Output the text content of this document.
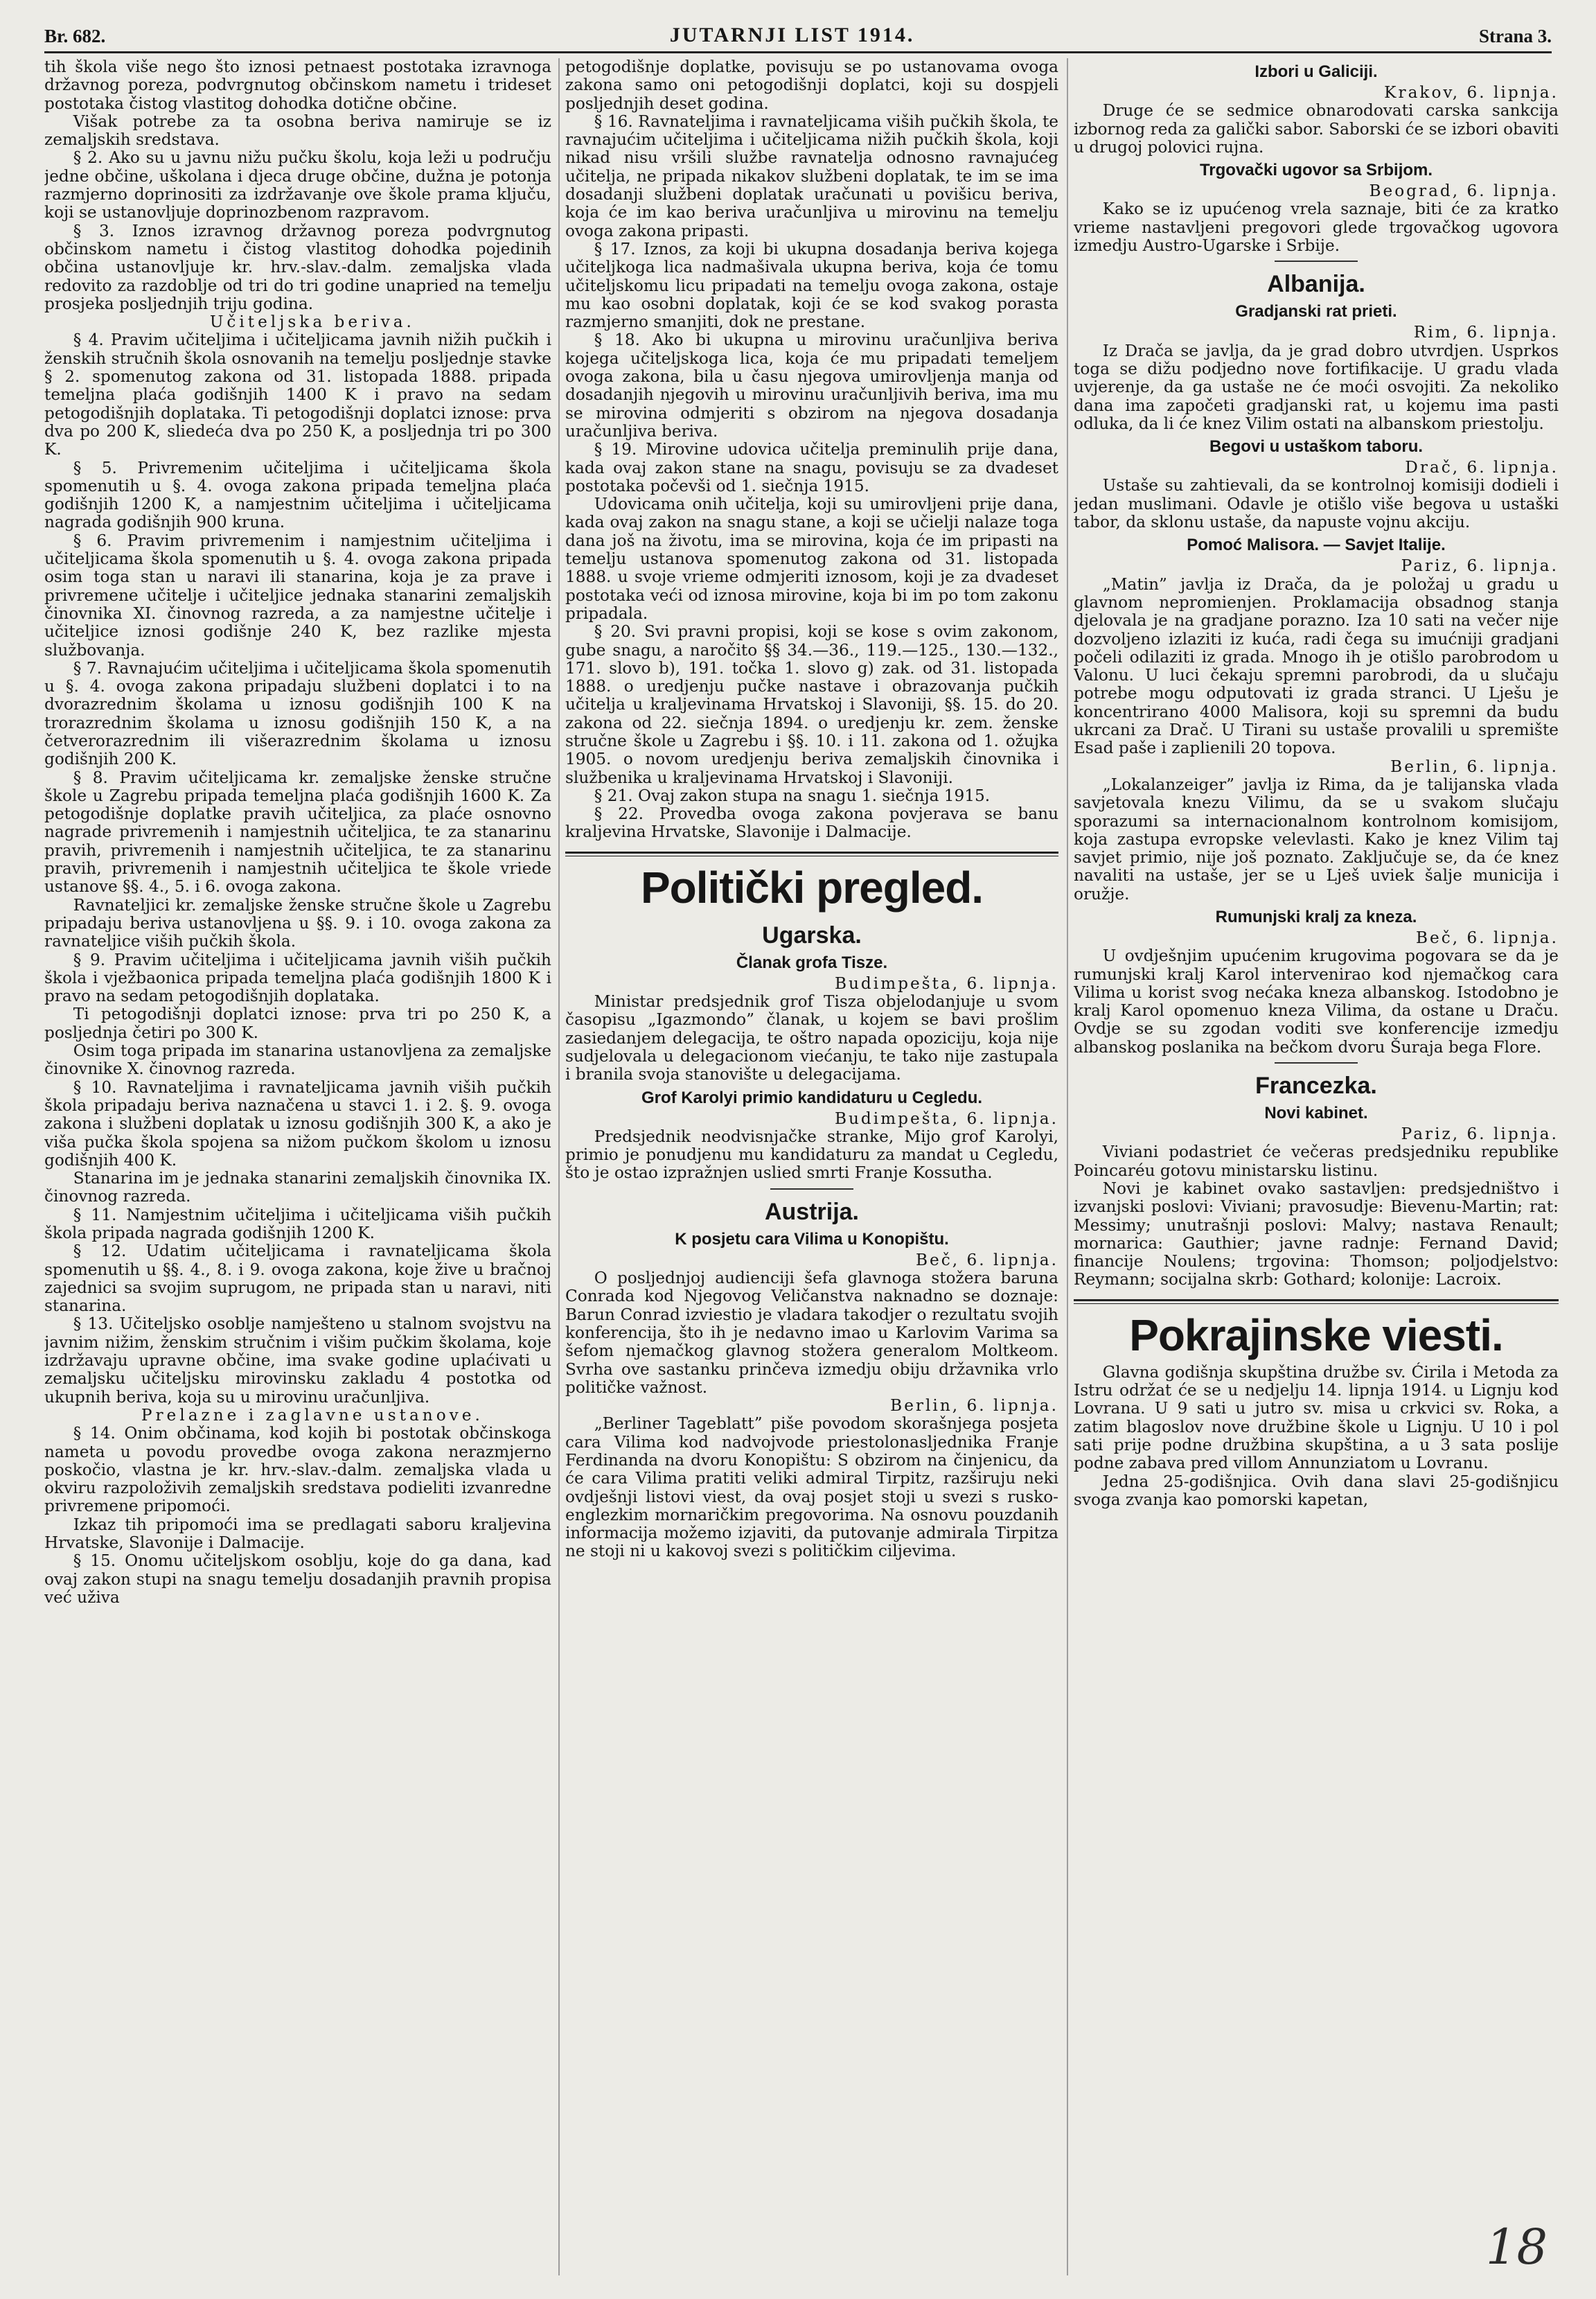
Br. 682.	JUTARNJI LIST 1914.	Strana 3.

tih škola više nego što iznosi petnaest postotaka izravnoga državnog poreza, podvrgnutog občinskom nametu i trideset postotaka čistog vlastitog dohodka dotične občine.

Višak potrebe za ta osobna beriva namiruje se iz zemaljskih sredstava.

§ 2. Ako su u javnu nižu pučku školu, koja leži u području jedne občine, uškolana i djeca druge občine, dužna je potonja razmjerno doprinositi za izdržavanje ove škole prama ključu, koji se ustanovljuje doprinozbenom razpravom.

§ 3. Iznos izravnog državnog poreza podvrgnutog občinskom nametu i čistog vlastitog dohodka pojedinih občina ustanovljuje kr. hrv.-slav.-dalm. zemaljska vlada redovito za razdoblje od tri do tri godine unapried na temelju prosjeka posljednjih triju godina.

Učiteljska beriva.

§ 4. Pravim učiteljima i učiteljicama javnih nižih pučkih i ženskih stručnih škola osnovanih na temelju posljednje stavke § 2. spomenutog zakona od 31. listopada 1888. pripada temeljna plaća godišnjih 1400 K i pravo na sedam petogodišnjih doplataka. Ti petogodišnji doplatci iznose: prva dva po 200 K, sliedeća dva po 250 K, a posljednja tri po 300 K.

§ 5. Privremenim učiteljima i učiteljicama škola spomenutih u §. 4. ovoga zakona pripada temeljna plaća godišnjih 1200 K, a namjestnim učiteljima i učiteljicama nagrada godišnjih 900 kruna.

§ 6. Pravim privremenim i namjestnim učiteljima i učiteljicama škola spomenutih u §. 4. ovoga zakona pripada osim toga stan u naravi ili stanarina, koja je za prave i privremene učitelje i učiteljice jednaka stanarini zemaljskih činovnika XI. činovnog razreda, a za namjestne učitelje i učiteljice iznosi godišnje 240 K, bez razlike mjesta službovanja.

§ 7. Ravnajućim učiteljima i učiteljicama škola spomenutih u §. 4. ovoga zakona pripadaju službeni doplatci i to na dvorazrednim školama u iznosu godišnjih 100 K na trorazrednim školama u iznosu godišnjih 150 K, a na četverorazrednim ili višerazrednim školama u iznosu godišnjih 200 K.

§ 8. Pravim učiteljicama kr. zemaljske ženske stručne škole u Zagrebu pripada temeljna plaća godišnjih 1600 K. Za petogodišnje doplatke pravih učiteljica, za plaće osnovno nagrade privremenih i namjestnih učiteljica, te za stanarinu pravih, privremenih i namjestnih učiteljica, te za stanarinu pravih, privremenih i namjestnih učiteljica te škole vriede ustanove §§. 4., 5. i 6. ovoga zakona.

Ravnateljici kr. zemaljske ženske stručne škole u Zagrebu pripadaju beriva ustanovljena u §§. 9. i 10. ovoga zakona za ravnateljice viših pučkih škola.

§ 9. Pravim učiteljima i učiteljicama javnih viših pučkih škola i vježbaonica pripada temeljna plaća godišnjih 1800 K i pravo na sedam petogodišnjih doplataka.

Ti petogodišnji doplatci iznose: prva tri po 250 K, a posljednja četiri po 300 K.

Osim toga pripada im stanarina ustanovljena za zemaljske činovnike X. činovnog razreda.

§ 10. Ravnateljima i ravnateljicama javnih viših pučkih škola pripadaju beriva naznačena u stavci 1. i 2. §. 9. ovoga zakona i službeni doplatak u iznosu godišnjih 300 K, a ako je viša pučka škola spojena sa nižom pučkom školom u iznosu godišnjih 400 K.

Stanarina im je jednaka stanarini zemaljskih činovnika IX. činovnog razreda.

§ 11. Namjestnim učiteljima i učiteljicama viših pučkih škola pripada nagrada godišnjih 1200 K.

§ 12. Udatim učiteljicama i ravnateljicama škola spomenutih u §§. 4., 8. i 9. ovoga zakona, koje žive u bračnoj zajednici sa svojim suprugom, ne pripada stan u naravi, niti stanarina.

§ 13. Učiteljsko osoblje namješteno u stalnom svojstvu na javnim nižim, ženskim stručnim i višim pučkim školama, koje izdržavaju upravne občine, ima svake godine uplaćivati u zemaljsku učiteljsku mirovinsku zakladu 4 postotka od ukupnih beriva, koja su u mirovinu uračunljiva.

Prelazne i zaglavne ustanove.

§ 14. Onim občinama, kod kojih bi postotak občinskoga nameta u povodu provedbe ovoga zakona nerazmjerno poskočio, vlastna je kr. hrv.-slav.-dalm. zemaljska vlada u okviru razpoloživih zemaljskih sredstava podieliti izvanredne privremene pripomoći.

Izkaz tih pripomoći ima se predlagati saboru kraljevina Hrvatske, Slavonije i Dalmacije.

§ 15. Onomu učiteljskom osoblju, koje do ga dana, kad ovaj zakon stupi na snagu temelju dosadanjih pravnih propisa već uživa

petogodišnje doplatke, povisuju se po ustanovama ovoga zakona samo oni petogodišnji doplatci, koji su dospjeli posljednjih deset godina.

§ 16. Ravnateljima i ravnateljicama viših pučkih škola, te ravnajućim učiteljima i učiteljicama nižih pučkih škola, koji nikad nisu vršili službe ravnatelja odnosno ravnajućeg učitelja, ne pripada nikakov službeni doplatak, te im se ima dosadanji službeni doplatak uračunati u povišicu beriva, koja će im kao beriva uračunljiva u mirovinu na temelju ovoga zakona pripasti.

§ 17. Iznos, za koji bi ukupna dosadanja beriva kojega učiteljkoga lica nadmašivala ukupna beriva, koja će tomu učiteljskomu licu pripadati na temelju ovoga zakona, ostaje mu kao osobni doplatak, koji će se kod svakog porasta razmjerno smanjiti, dok ne prestane.

§ 18. Ako bi ukupna u mirovinu uračunljiva beriva kojega učiteljskoga lica, koja će mu pripadati temeljem ovoga zakona, bila u času njegova umirovljenja manja od dosadanjih njegovih u mirovinu uračunljivih beriva, ima mu se mirovina odmjeriti s obzirom na njegova dosadanja uračunljiva beriva.

§ 19. Mirovine udovica učitelja preminulih prije dana, kada ovaj zakon stane na snagu, povisuju se za dvadeset postotaka počevši od 1. siečnja 1915.

Udovicama onih učitelja, koji su umirovljeni prije dana, kada ovaj zakon na snagu stane, a koji se učielji nalaze toga dana još na životu, ima se mirovina, koja će im pripasti na temelju ustanova spomenutog zakona od 31. listopada 1888. u svoje vrieme odmjeriti iznosom, koji je za dvadeset postotaka veći od iznosa mirovine, koja bi im po tom zakonu pripadala.

§ 20. Svi pravni propisi, koji se kose s ovim zakonom, gube snagu, a naročito §§ 34.—36., 119.—125., 130.—132., 171. slovo b), 191. točka 1. slovo g) zak. od 31. listopada 1888. o uredjenju pučke nastave i obrazovanja pučkih učitelja u kraljevinama Hrvatskoj i Slavoniji, §§. 15. do 20. zakona od 22. siečnja 1894. o uredjenju kr. zem. ženske stručne škole u Zagrebu i §§. 10. i 11. zakona od 1. ožujka 1905. o novom uredjenju beriva zemaljskih činovnika i službenika u kraljevinama Hrvatskoj i Slavoniji.

§ 21. Ovaj zakon stupa na snagu 1. siečnja 1915.

§ 22. Provedba ovoga zakona povjerava se banu kraljevina Hrvatske, Slavonije i Dalmacije.

Politički pregled.
Ugarska.
Članak grofa Tisze.

Budimpešta, 6. lipnja.

Ministar predsjednik grof Tisza objelodanjuje u svom časopisu „Igazmondo” članak, u kojem se bavi prošlim zasiedanjem delegacija, te oštro napada opoziciju, koja nije sudjelovala u delegacionom viećanju, te tako nije zastupala i branila svoja stanovište u delegacijama.

Grof Karolyi primio kandidaturu u Cegledu.

Budimpešta, 6. lipnja.

Predsjednik neodvisnjačke stranke, Mijo grof Karolyi, primio je ponudjenu mu kandidaturu za mandat u Cegledu, što je ostao izpražnjen uslied smrti Franje Kossutha.

Austrija.
K posjetu cara Vilima u Konopištu.

Beč, 6. lipnja.

O posljednjoj audienciji šefa glavnoga stožera baruna Conrada kod Njegovog Veličanstva naknadno se doznaje: Barun Conrad izviestio je vladara takodjer o rezultatu svojih konferencija, što ih je nedavno imao u Karlovim Varima sa šefom njemačkog glavnog stožera generalom Moltkeom. Svrha ove sastanku prinčeva izmedju obiju državnika vrlo političke važnost.

Berlin, 6. lipnja.

„Berliner Tageblatt” piše povodom skorašnjega posjeta cara Vilima kod nadvojvode priestolonasljednika Franje Ferdinanda na dvoru Konopištu: S obzirom na činjenicu, da će cara Vilima pratiti veliki admiral Tirpitz, razširuju neki ovdješnji listovi viest, da ovaj posjet stoji u svezi s rusko-englezkim mornaričkim pregovorima. Na osnovu pouzdanih informacija možemo izjaviti, da putovanje admirala Tirpitza ne stoji ni u kakovoj svezi s političkim ciljevima.

Izbori u Galiciji.

Krakov, 6. lipnja.

Druge će se sedmice obnarodovati carska sankcija izbornog reda za galički sabor. Saborski će se izbori obaviti u drugoj polovici rujna.

Trgovački ugovor sa Srbijom.

Beograd, 6. lipnja.

Kako se iz upućenog vrela saznaje, biti će za kratko vrieme nastavljeni pregovori glede trgovačkog ugovora izmedju Austro-Ugarske i Srbije.

Albanija.
Gradjanski rat prieti.

Rim, 6. lipnja.

Iz Drača se javlja, da je grad dobro utvrdjen. Usprkos toga se dižu podjedno nove fortifikacije. U gradu vlada uvjerenje, da ga ustaše ne će moći osvojiti. Za nekoliko dana ima započeti gradjanski rat, u kojemu ima pasti odluka, da li će knez Vilim ostati na albanskom priestolju.

Begovi u ustaškom taboru.

Drač, 6. lipnja.

Ustaše su zahtievali, da se kontrolnoj komisiji dodieli i jedan muslimani. Odavle je otišlo više begova u ustaški tabor, da sklonu ustaše, da napuste vojnu akciju.

Pomoć Malisora. — Savjet Italije.

Pariz, 6. lipnja.

„Matin” javlja iz Drača, da je položaj u gradu u glavnom nepromienjen. Proklamacija obsadnog stanja djelovala je na gradjane porazno. Iza 10 sati na večer nije dozvoljeno izlaziti iz kuća, radi čega su imućniji gradjani počeli odilaziti iz grada. Mnogo ih je otišlo parobrodom u Valonu. U luci čekaju spremni parobrodi, da u slučaju potrebe mogu odputovati iz grada stranci. U Lješu je koncentrirano 4000 Malisora, koji su spremni da budu ukrcani za Drač. U Tirani su ustaše provalili u spremište Esad paše i zaplienili 20 topova.

Berlin, 6. lipnja.

„Lokalanzeiger” javlja iz Rima, da je talijanska vlada savjetovala knezu Vilimu, da se u svakom slučaju sporazumi sa internacionalnom kontrolnom komisijom, koja zastupa evropske velevlasti. Kako je knez Vilim taj savjet primio, nije još poznato. Zaključuje se, da će knez navaliti na ustaše, jer se u Lješ uviek šalje municija i oružje.

Rumunjski kralj za kneza.

Beč, 6. lipnja.

U ovdješnjim upućenim krugovima pogovara se da je rumunjski kralj Karol intervenirao kod njemačkog cara Vilima u korist svog nećaka kneza albanskog. Istodobno je kralj Karol opomenuo kneza Vilima, da ostane u Draču. Ovdje se su zgodan voditi sve konferencije izmedju albanskog poslanika na bečkom dvoru Šuraja bega Flore.

Francezka.
Novi kabinet.

Pariz, 6. lipnja.

Viviani podastriet će večeras predsjedniku republike Poincaréu gotovu ministarsku listinu.

Novi je kabinet ovako sastavljen: predsjedništvo i izvanjski poslovi: Viviani; pravosudje: Bievenu-Martin; rat: Messimy; unutrašnji poslovi: Malvy; nastava Renault; mornarica: Gauthier; javne radnje: Fernand David; financije Noulens; trgovina: Thomson; poljodjelstvo: Reymann; socijalna skrb: Gothard; kolonije: Lacroix.

Pokrajinske viesti.

Glavna godišnja skupština družbe sv. Ćirila i Metoda za Istru održat će se u nedjelju 14. lipnja 1914. u Lignju kod Lovrana. U 9 sati u jutro sv. misa u crkvici sv. Roka, a zatim blagoslov nove družbine škole u Lignju. U 10 i pol sati prije podne družbina skupština, a u 3 sata poslije podne zabava pred villom Annunziatom u Lovranu.

Jedna 25-godišnjica. Ovih dana slavi 25-godišnjicu svoga zvanja kao pomorski kapetan,

18
